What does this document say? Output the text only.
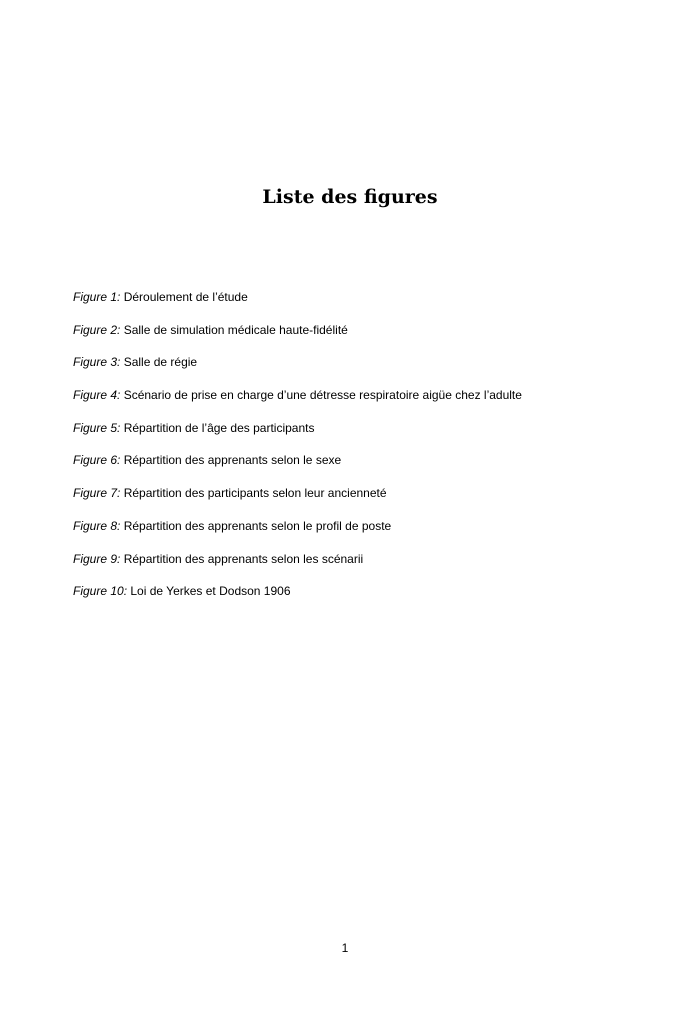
Liste des figures
Figure 1: Déroulement de l’étude
Figure 2: Salle de simulation médicale haute-fidélité
Figure 3: Salle de régie
Figure 4: Scénario de prise en charge d’une détresse respiratoire aigüe chez l’adulte
Figure 5: Répartition de l’âge des participants
Figure 6: Répartition des apprenants selon le sexe
Figure 7: Répartition des participants selon leur ancienneté
Figure 8: Répartition des apprenants selon le profil de poste
Figure 9: Répartition des apprenants selon les scénarii
Figure 10: Loi de Yerkes et Dodson 1906
1
